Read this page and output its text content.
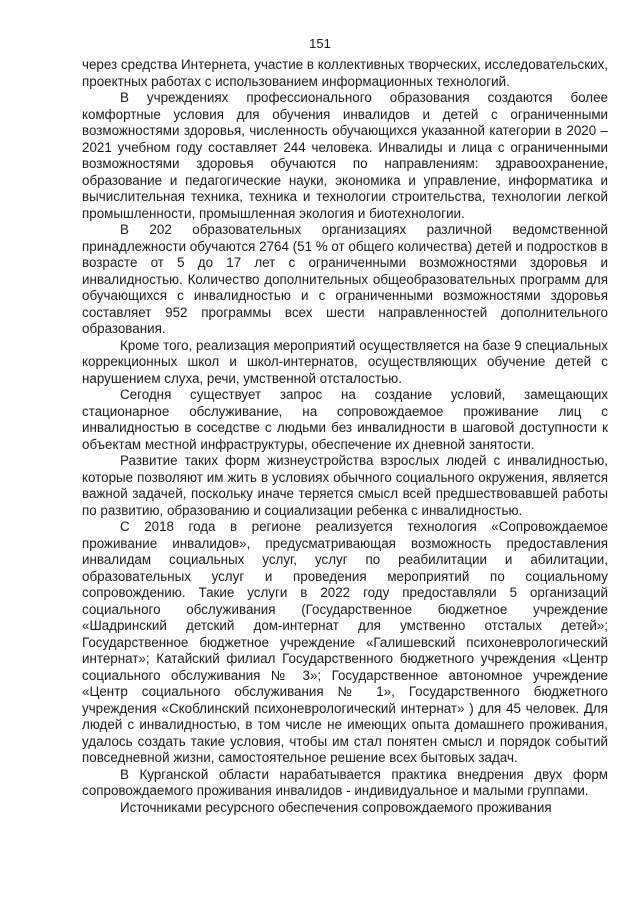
151

через средства Интернета, участие в коллективных творческих, исследовательских, проектных работах с использованием информационных технологий.

В учреждениях профессионального образования создаются более комфортные условия для обучения инвалидов и детей с ограниченными возможностями здоровья, численность обучающихся указанной категории в 2020 – 2021 учебном году составляет 244 человека. Инвалиды и лица с ограниченными возможностями здоровья обучаются по направлениям: здравоохранение, образование и педагогические науки, экономика и управление, информатика и вычислительная техника, техника и технологии строительства, технологии легкой промышленности, промышленная экология и биотехнологии.

В 202 образовательных организациях различной ведомственной принадлежности обучаются 2764 (51 % от общего количества) детей и подростков в возрасте от 5 до 17 лет с ограниченными возможностями здоровья и инвалидностью. Количество дополнительных общеобразовательных программ для обучающихся с инвалидностью и с ограниченными возможностями здоровья составляет 952 программы всех шести направленностей дополнительного образования.

Кроме того, реализация мероприятий осуществляется на базе 9 специальных коррекционных школ и школ-интернатов, осуществляющих обучение детей с нарушением слуха, речи, умственной отсталостью.

Сегодня существует запрос на создание условий, замещающих стационарное обслуживание, на сопровождаемое проживание лиц с инвалидностью в соседстве с людьми без инвалидности в шаговой доступности к объектам местной инфраструктуры, обеспечение их дневной занятости.

Развитие таких форм жизнеустройства взрослых людей с инвалидностью, которые позволяют им жить в условиях обычного социального окружения, является важной задачей, поскольку иначе теряется смысл всей предшествовавшей работы по развитию, образованию и социализации ребенка с инвалидностью.

С 2018 года в регионе реализуется технология «Сопровождаемое проживание инвалидов», предусматривающая возможность предоставления инвалидам социальных услуг, услуг по реабилитации и абилитации, образовательных услуг и проведения мероприятий по социальному сопровождению. Такие услуги в 2022 году предоставляли 5 организаций социального обслуживания (Государственное бюджетное учреждение «Шадринский детский дом-интернат для умственно отсталых детей»; Государственное бюджетное учреждение «Галишевский психоневрологический интернат»; Катайский филиал Государственного бюджетного учреждения «Центр социального обслуживания № 3»; Государственное автономное учреждение «Центр социального обслуживания № 1», Государственного бюджетного учреждения «Скоблинский психоневрологический интернат» ) для 45 человек. Для людей с инвалидностью, в том числе не имеющих опыта домашнего проживания, удалось создать такие условия, чтобы им стал понятен смысл и порядок событий повседневной жизни, самостоятельное решение всех бытовых задач.

В Курганской области нарабатывается практика внедрения двух форм сопровождаемого проживания инвалидов - индивидуальное и малыми группами.

Источниками ресурсного обеспечения сопровождаемого проживания
